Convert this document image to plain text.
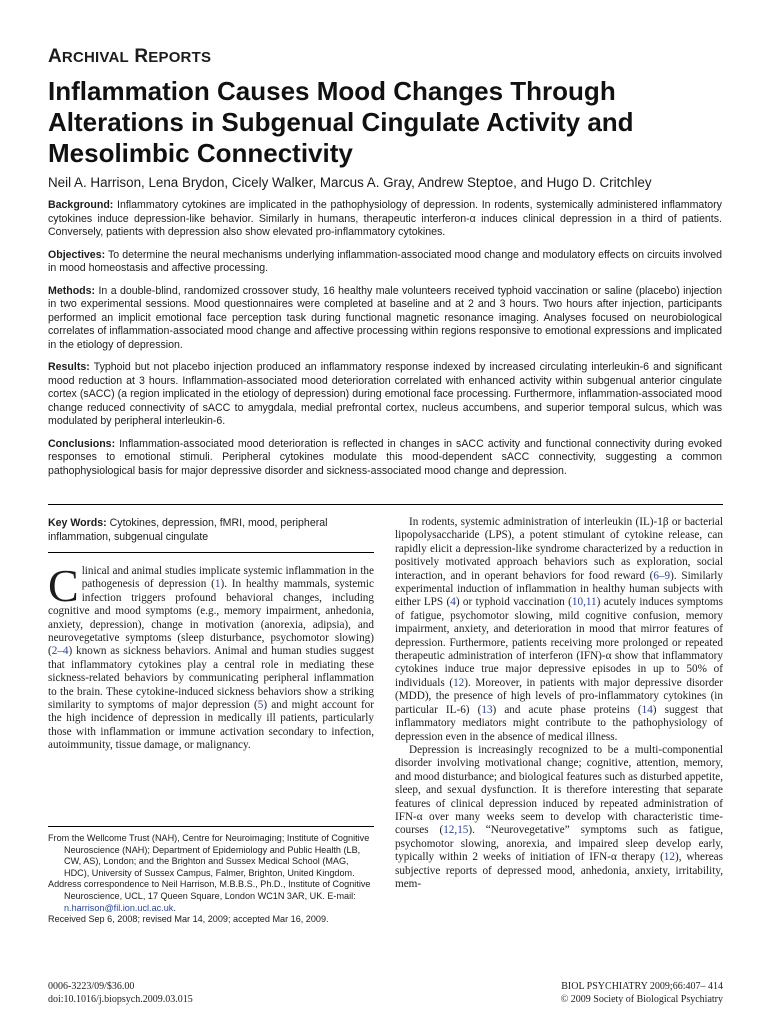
ARCHIVAL REPORTS
Inflammation Causes Mood Changes Through Alterations in Subgenual Cingulate Activity and Mesolimbic Connectivity
Neil A. Harrison, Lena Brydon, Cicely Walker, Marcus A. Gray, Andrew Steptoe, and Hugo D. Critchley

Background: Inflammatory cytokines are implicated in the pathophysiology of depression. In rodents, systemically administered inflammatory cytokines induce depression-like behavior. Similarly in humans, therapeutic interferon-α induces clinical depression in a third of patients. Conversely, patients with depression also show elevated pro-inflammatory cytokines.

Objectives: To determine the neural mechanisms underlying inflammation-associated mood change and modulatory effects on circuits involved in mood homeostasis and affective processing.

Methods: In a double-blind, randomized crossover study, 16 healthy male volunteers received typhoid vaccination or saline (placebo) injection in two experimental sessions. Mood questionnaires were completed at baseline and at 2 and 3 hours. Two hours after injection, participants performed an implicit emotional face perception task during functional magnetic resonance imaging. Analyses focused on neurobiological correlates of inflammation-associated mood change and affective processing within regions responsive to emotional expressions and implicated in the etiology of depression.

Results: Typhoid but not placebo injection produced an inflammatory response indexed by increased circulating interleukin-6 and significant mood reduction at 3 hours. Inflammation-associated mood deterioration correlated with enhanced activity within subgenual anterior cingulate cortex (sACC) (a region implicated in the etiology of depression) during emotional face processing. Furthermore, inflammation-associated mood change reduced connectivity of sACC to amygdala, medial prefrontal cortex, nucleus accumbens, and superior temporal sulcus, which was modulated by peripheral interleukin-6.

Conclusions: Inflammation-associated mood deterioration is reflected in changes in sACC activity and functional connectivity during evoked responses to emotional stimuli. Peripheral cytokines modulate this mood-dependent sACC connectivity, suggesting a common pathophysiological basis for major depressive disorder and sickness-associated mood change and depression.

Key Words: Cytokines, depression, fMRI, mood, peripheral inflammation, subgenual cingulate
C linical and animal studies implicate systemic inflammation in the pathogenesis of depression (1). In healthy mammals, systemic infection triggers profound behavioral changes, including cognitive and mood symptoms (e.g., memory impairment, anhedonia, anxiety, depression), change in motivation (anorexia, adipsia), and neurovegetative symptoms (sleep disturbance, psychomotor slowing) (2–4) known as sickness behaviors. Animal and human studies suggest that inflammatory cytokines play a central role in mediating these sickness-related behaviors by communicating peripheral inflammation to the brain. These cytokine-induced sickness behaviors show a striking similarity to symptoms of major depression (5) and might account for the high incidence of depression in medically ill patients, particularly those with inflammation or immune activation secondary to infection, autoimmunity, tissue damage, or malignancy.

In rodents, systemic administration of interleukin (IL)-1β or bacterial lipopolysaccharide (LPS), a potent stimulant of cytokine release, can rapidly elicit a depression-like syndrome characterized by a reduction in positively motivated approach behaviors such as exploration, social interaction, and in operant behaviors for food reward (6–9). Similarly experimental induction of inflammation in healthy human subjects with either LPS (4) or typhoid vaccination (10,11) acutely induces symptoms of fatigue, psychomotor slowing, mild cognitive confusion, memory impairment, anxiety, and deterioration in mood that mirror features of depression. Furthermore, patients receiving more prolonged or repeated therapeutic administration of interferon (IFN)-α show that inflammatory cytokines induce true major depressive episodes in up to 50% of individuals (12). Moreover, in patients with major depressive disorder (MDD), the presence of high levels of pro-inflammatory cytokines (in particular IL-6) (13) and acute phase proteins (14) suggest that inflammatory mediators might contribute to the pathophysiology of depression even in the absence of medical illness.

Depression is increasingly recognized to be a multi-componential disorder involving motivational change; cognitive, attention, memory, and mood disturbance; and biological features such as disturbed appetite, sleep, and sexual dysfunction. It is therefore interesting that separate features of clinical depression induced by repeated administration of IFN-α over many weeks seem to develop with characteristic time-courses (12,15). “Neurovegetative” symptoms such as fatigue, psychomotor slowing, anorexia, and impaired sleep develop early, typically within 2 weeks of initiation of IFN-α therapy (12), whereas subjective reports of depressed mood, anhedonia, anxiety, irritability, mem-

From the Wellcome Trust (NAH), Centre for Neuroimaging; Institute of Cognitive Neuroscience (NAH); Department of Epidemiology and Public Health (LB, CW, AS), London; and the Brighton and Sussex Medical School (MAG, HDC), University of Sussex Campus, Falmer, Brighton, United Kingdom.

Address correspondence to Neil Harrison, M.B.B.S., Ph.D., Institute of Cognitive Neuroscience, UCL, 17 Queen Square, London WC1N 3AR, UK. E-mail: n.harrison@fil.ion.ucl.ac.uk.

Received Sep 6, 2008; revised Mar 14, 2009; accepted Mar 16, 2009.

0006-3223/09/$36.00
doi:10.1016/j.biopsych.2009.03.015
BIOL PSYCHIATRY 2009;66:407– 414
© 2009 Society of Biological Psychiatry
